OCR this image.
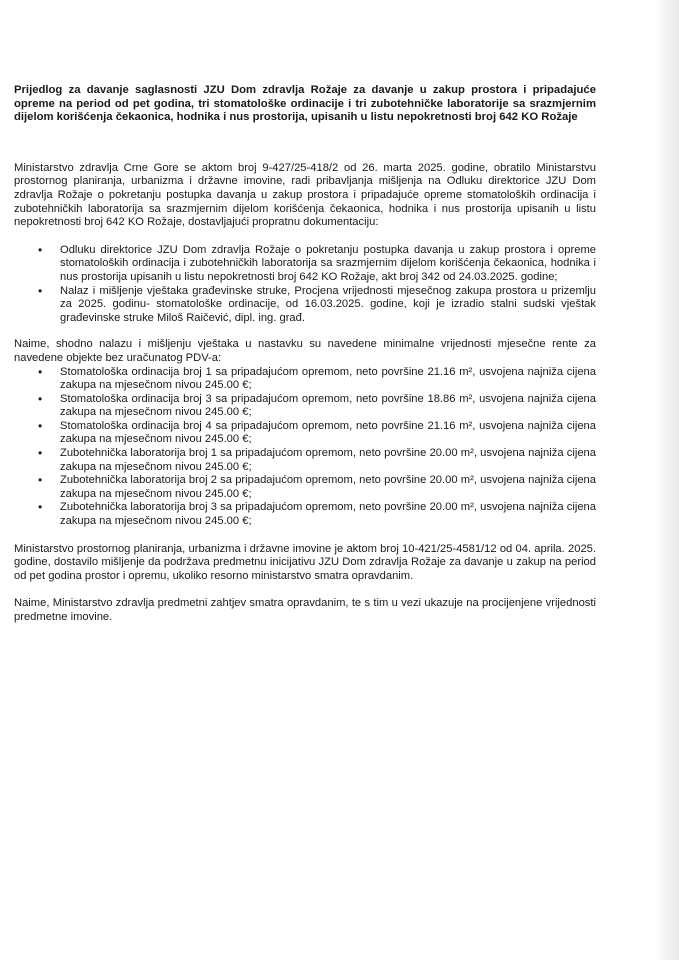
Prijedlog za davanje saglasnosti JZU Dom zdravlja Rožaje za davanje u zakup prostora i pripadajuće opreme na period od pet godina, tri stomatološke ordinacije i tri zubotehničke laboratorije sa srazmjernim dijelom korišćenja čekaonica, hodnika i nus prostorija, upisanih u listu nepokretnosti broj 642 KO Rožaje

Ministarstvo zdravlja Crne Gore se aktom broj 9-427/25-418/2 od 26. marta 2025. godine, obratilo Ministarstvu prostornog planiranja, urbanizma i državne imovine, radi pribavljanja mišljenja na Odluku direktorice JZU Dom zdravlja Rožaje o pokretanju postupka davanja u zakup prostora i pripadajuće opreme stomatoloških ordinacija i zubotehničkih laboratorija sa srazmjernim dijelom korišćenja čekaonica, hodnika i nus prostorija upisanih u listu nepokretnosti broj 642 KO Rožaje, dostavljajući propratnu dokumentaciju:

• Odluku direktorice JZU Dom zdravlja Rožaje o pokretanju postupka davanja u zakup prostora i opreme stomatoloških ordinacija i zubotehničkih laboratorija sa srazmjernim dijelom korišćenja čekaonica, hodnika i nus prostorija upisanih u listu nepokretnosti broj 642 KO Rožaje, akt broj 342 od 24.03.2025. godine;
• Nalaz i mišljenje vještaka građevinske struke, Procjena vrijednosti mjesečnog zakupa prostora u prizemlju za 2025. godinu- stomatološke ordinacije, od 16.03.2025. godine, koji je izradio stalni sudski vještak građevinske struke Miloš Raičević, dipl. ing. građ.

Naime, shodno nalazu i mišljenju vještaka u nastavku su navedene minimalne vrijednosti mjesečne rente za navedene objekte bez uračunatog PDV-a:

• Stomatološka ordinacija broj 1 sa pripadajućom opremom, neto površine 21.16 m², usvojena najniža cijena zakupa na mjesečnom nivou 245.00 €;
• Stomatološka ordinacija broj 3 sa pripadajućom opremom, neto površine 18.86 m², usvojena najniža cijena zakupa na mjesečnom nivou 245.00 €;
• Stomatološka ordinacija broj 4 sa pripadajućom opremom, neto površine 21.16 m², usvojena najniža cijena zakupa na mjesečnom nivou 245.00 €;
• Zubotehnička laboratorija broj 1 sa pripadajućom opremom, neto površine 20.00 m², usvojena najniža cijena zakupa na mjesečnom nivou 245.00 €;
• Zubotehnička laboratorija broj 2 sa pripadajućom opremom, neto površine 20.00 m², usvojena najniža cijena zakupa na mjesečnom nivou 245.00 €;
• Zubotehnička laboratorija broj 3 sa pripadajućom opremom, neto površine 20.00 m², usvojena najniža cijena zakupa na mjesečnom nivou 245.00 €;

Ministarstvo prostornog planiranja, urbanizma i državne imovine je aktom broj 10-421/25-4581/12 od 04. aprila. 2025. godine, dostavilo mišljenje da podržava predmetnu inicijativu JZU Dom zdravlja Rožaje za davanje u zakup na period od pet godina prostor i opremu, ukoliko resorno ministarstvo smatra opravdanim.

Naime, Ministarstvo zdravlja predmetni zahtjev smatra opravdanim, te s tim u vezi ukazuje na procijenjene vrijednosti predmetne imovine.
